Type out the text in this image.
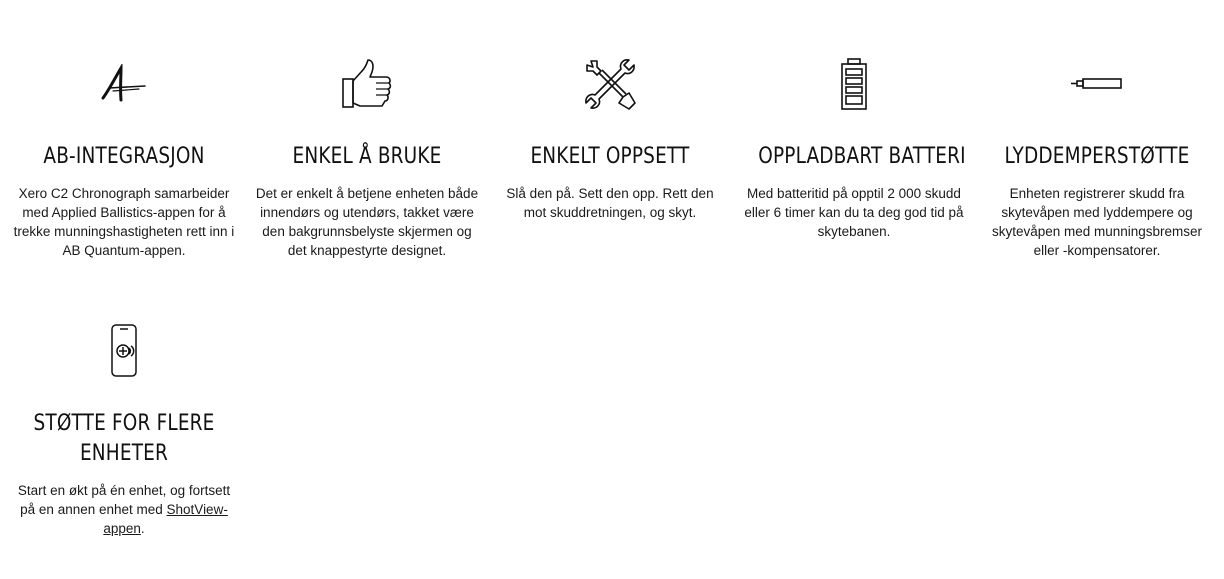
AB-INTEGRASJON

Xero C2 Chronograph samarbeider med Applied Ballistics-appen for å trekke munningshastigheten rett inn i AB Quantum-appen.

ENKEL Å BRUKE

Det er enkelt å betjene enheten både innendørs og utendørs, takket være den bakgrunnsbelyste skjermen og det knappestyrte designet.

ENKELT OPPSETT

Slå den på. Sett den opp. Rett den mot skuddretningen, og skyt.

OPPLADBART BATTERI

Med batteritid på opptil 2 000 skudd eller 6 timer kan du ta deg god tid på skytebanen.

LYDDEMPERSTØTTE

Enheten registrerer skudd fra skytevåpen med lyddempere og skytevåpen med munningsbremser eller -kompensatorer.

STØTTE FOR FLERE
ENHETER

Start en økt på én enhet, og fortsett på en annen enhet med ShotView-appen.
